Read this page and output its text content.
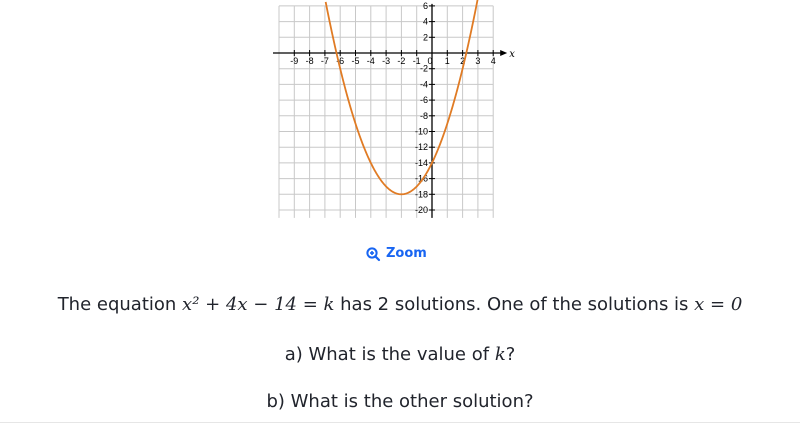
x
-9 -8 -7 -6 -5 -4 -3 -2 -1 0 1 2 3 4
6
4
2
-2
-4
-6
-8
-10
-12
-14
-16
-18
-20
Zoom
The equation x² + 4x − 14 = k has 2 solutions. One of the solutions is x = 0
a) What is the value of k?
b) What is the other solution?
